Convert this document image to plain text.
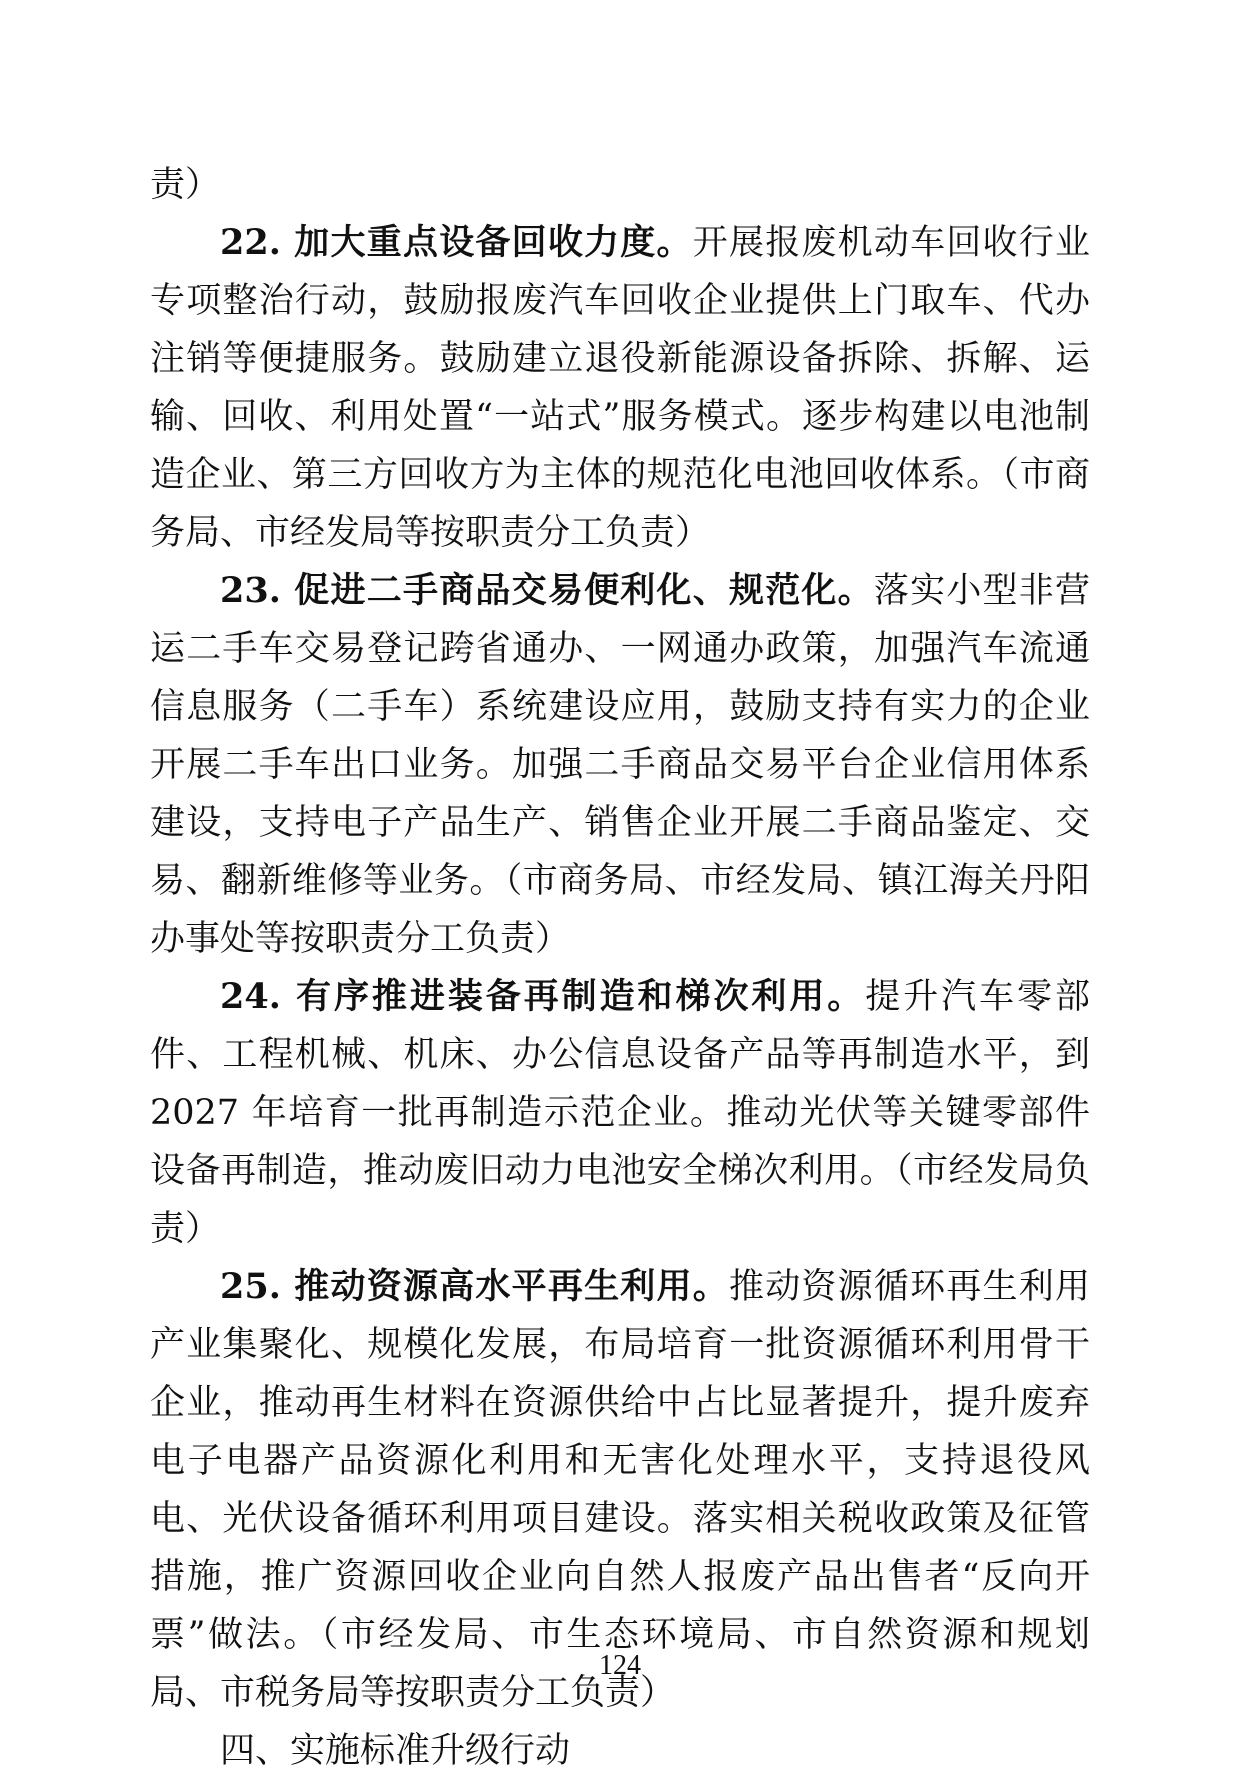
责）

22. 加大重点设备回收力度。开展报废机动车回收行业专项整治行动，鼓励报废汽车回收企业提供上门取车、代办注销等便捷服务。鼓励建立退役新能源设备拆除、拆解、运输、回收、利用处置“一站式”服务模式。逐步构建以电池制造企业、第三方回收方为主体的规范化电池回收体系。（市商务局、市经发局等按职责分工负责）

23. 促进二手商品交易便利化、规范化。落实小型非营运二手车交易登记跨省通办、一网通办政策，加强汽车流通信息服务（二手车）系统建设应用，鼓励支持有实力的企业开展二手车出口业务。加强二手商品交易平台企业信用体系建设，支持电子产品生产、销售企业开展二手商品鉴定、交易、翻新维修等业务。（市商务局、市经发局、镇江海关丹阳办事处等按职责分工负责）

24. 有序推进装备再制造和梯次利用。提升汽车零部件、工程机械、机床、办公信息设备产品等再制造水平，到 2027 年培育一批再制造示范企业。推动光伏等关键零部件设备再制造，推动废旧动力电池安全梯次利用。（市经发局负责）

25. 推动资源高水平再生利用。推动资源循环再生利用产业集聚化、规模化发展，布局培育一批资源循环利用骨干企业，推动再生材料在资源供给中占比显著提升，提升废弃电子电器产品资源化利用和无害化处理水平，支持退役风电、光伏设备循环利用项目建设。落实相关税收政策及征管措施，推广资源回收企业向自然人报废产品出售者“反向开票”做法。（市经发局、市生态环境局、市自然资源和规划局、市税务局等按职责分工负责）

四、实施标准升级行动

124
